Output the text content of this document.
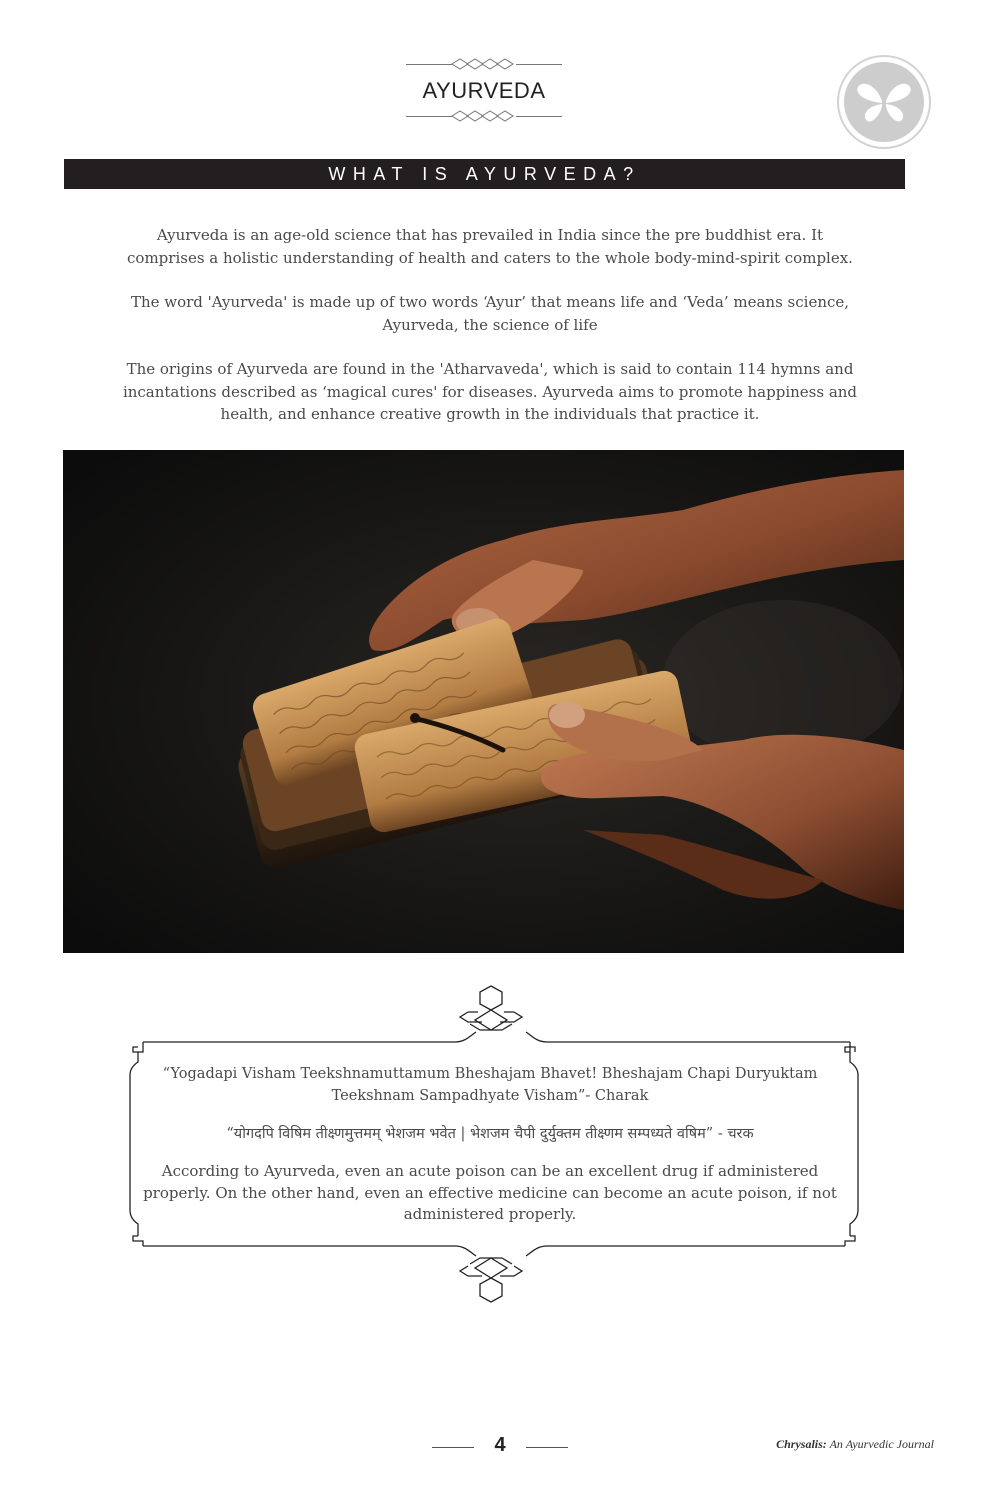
AYURVEDA
WHAT IS AYURVEDA?

Ayurveda is an age-old science that has prevailed in India since the pre buddhist era. It comprises a holistic understanding of health and caters to the whole body-mind-spirit complex.

The word 'Ayurveda' is made up of two words ‘Ayur’ that means life and ‘Veda’ means science, Ayurveda, the science of life

The origins of Ayurveda are found in the 'Atharvaveda', which is said to contain 114 hymns and incantations described as ‘magical cures' for diseases. Ayurveda aims to promote happiness and health, and enhance creative growth in the individuals that practice it.

“Yogadapi Visham Teekshnamuttamum Bheshajam Bhavet! Bheshajam Chapi Duryuktam Teekshnam Sampadhyate Visham”- Charak

“योगदपि विषिम तीक्ष्णमुत्तमम् भेशजम भवेत | भेशजम चैपी दुर्युक्तम तीक्ष्णम सम्पध्यते वषिम” - चरक

According to Ayurveda, even an acute poison can be an excellent drug if administered properly. On the other hand, even an effective medicine can become an acute poison, if not administered properly.

4	Chrysalis: An Ayurvedic Journal
